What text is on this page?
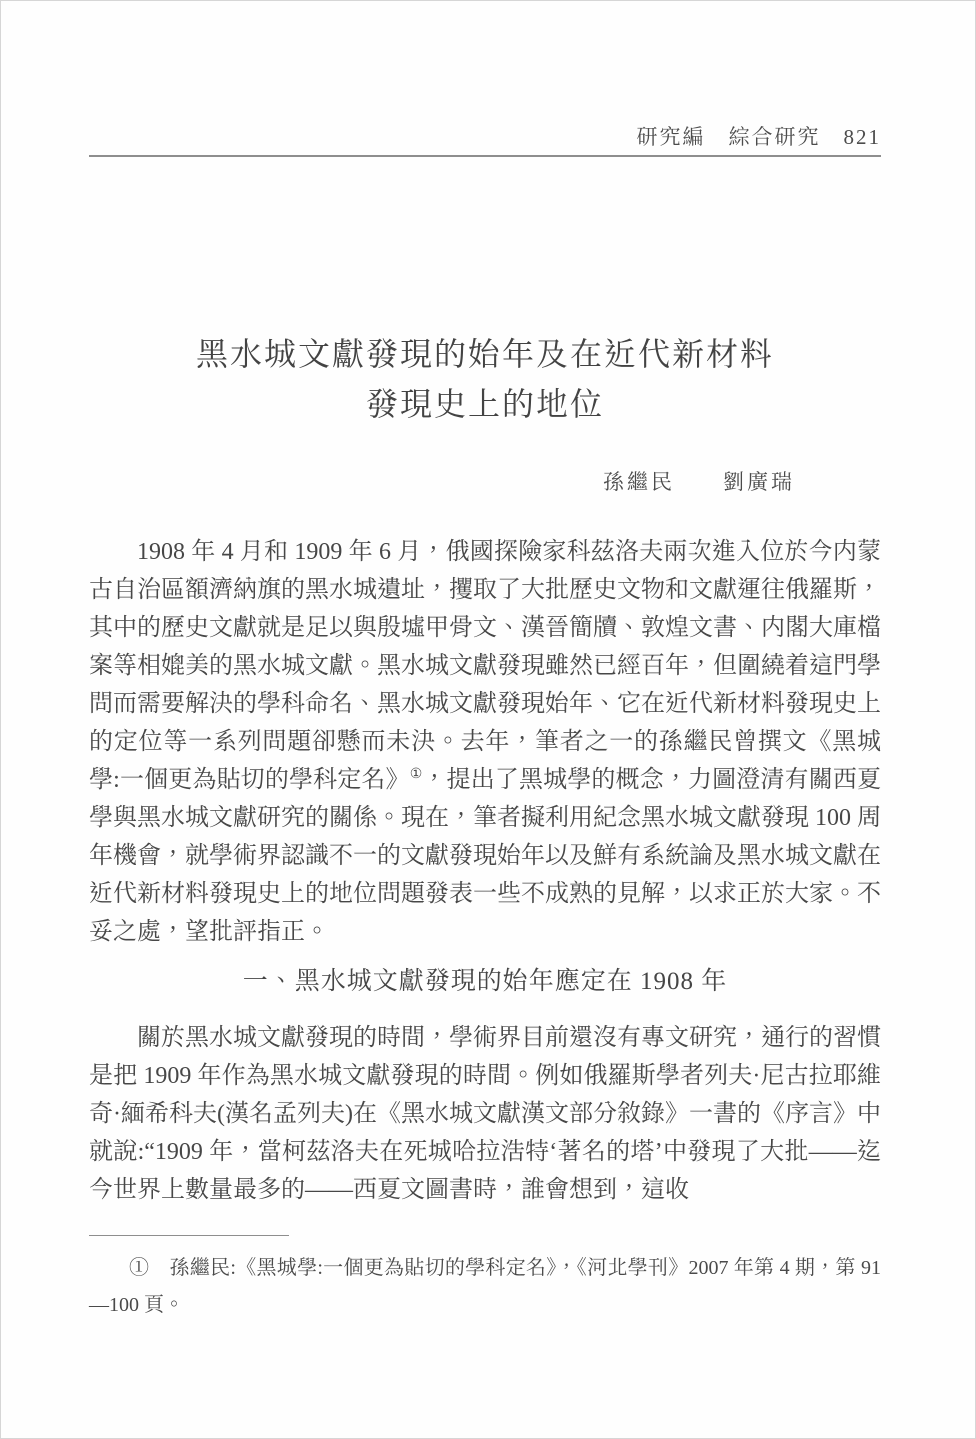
研究編　綜合研究　821
黑水城文獻發現的始年及在近代新材料
發現史上的地位
孫繼民　　劉廣瑞

1908 年 4 月和 1909 年 6 月，俄國探險家科茲洛夫兩次進入位於今内蒙古自治區額濟納旗的黑水城遺址，攫取了大批歷史文物和文獻運往俄羅斯，其中的歷史文獻就是足以與殷墟甲骨文、漢晉簡牘、敦煌文書、内閣大庫檔案等相媲美的黑水城文獻。黑水城文獻發現雖然已經百年，但圍繞着這門學問而需要解決的學科命名、黑水城文獻發現始年、它在近代新材料發現史上的定位等一系列問題卻懸而未決。去年，筆者之一的孫繼民曾撰文《黑城學:一個更為貼切的學科定名》①，提出了黑城學的概念，力圖澄清有關西夏學與黑水城文獻研究的關係。現在，筆者擬利用紀念黑水城文獻發現 100 周年機會，就學術界認識不一的文獻發現始年以及鮮有系統論及黑水城文獻在近代新材料發現史上的地位問題發表一些不成熟的見解，以求正於大家。不妥之處，望批評指正。

一、黑水城文獻發現的始年應定在 1908 年

關於黑水城文獻發現的時間，學術界目前還沒有專文研究，通行的習慣是把 1909 年作為黑水城文獻發現的時間。例如俄羅斯學者列夫·尼古拉耶維奇·緬希科夫(漢名孟列夫)在《黑水城文獻漢文部分敘錄》一書的《序言》中就說:“1909 年，當柯茲洛夫在死城哈拉浩特‘著名的塔’中發現了大批——迄今世界上數量最多的——西夏文圖書時，誰會想到，這收

①　孫繼民:《黑城學:一個更為貼切的學科定名》，《河北學刊》2007 年第 4 期，第 91—100 頁。
